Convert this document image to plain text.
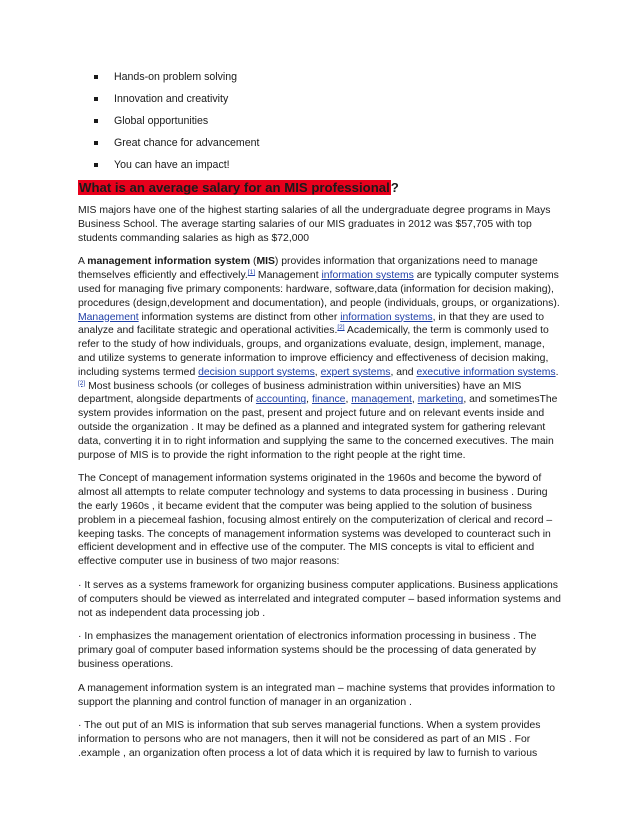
Hands-on problem solving
Innovation and creativity
Global opportunities
Great chance for advancement
You can have an impact!
What is an average salary for an MIS professional?

MIS majors have one of the highest starting salaries of all the undergraduate degree programs in Mays Business School. The average starting salaries of our MIS graduates in 2012 was $57,705 with top students commanding salaries as high as $72,000

A management information system (MIS) provides information that organizations need to manage themselves efficiently and effectively.[1] Management information systems are typically computer systems used for managing five primary components: hardware, software,data (information for decision making), procedures (design,development and documentation), and people (individuals, groups, or organizations). Management information systems are distinct from other information systems, in that they are used to analyze and facilitate strategic and operational activities.[2] Academically, the term is commonly used to refer to the study of how individuals, groups, and organizations evaluate, design, implement, manage, and utilize systems to generate information to improve efficiency and effectiveness of decision making, including systems termed decision support systems, expert systems, and executive information systems.[2] Most business schools (or colleges of business administration within universities) have an MIS department, alongside departments of accounting, finance, management, marketing, and sometimesThe system provides information on the past, present and project future and on relevant events inside and outside the organization . It may be defined as a planned and integrated system for gathering relevant data, converting it in to right information and supplying the same to the concerned executives. The main purpose of MIS is to provide the right information to the right people at the right time.

The Concept of management information systems originated in the 1960s and become the byword of almost all attempts to relate computer technology and systems to data processing in business . During the early 1960s , it became evident that the computer was being applied to the solution of business problem in a piecemeal fashion, focusing almost entirely on the computerization of clerical and record – keeping tasks. The concepts of management information systems was developed to counteract such in efficient development and in effective use of the computer. The MIS concepts is vital to efficient and effective computer use in business of two major reasons:

· It serves as a systems framework for organizing business computer applications. Business applications of computers should be viewed as interrelated and integrated computer – based information systems and not as independent data processing job .

· In emphasizes the management orientation of electronics information processing in business . The primary goal of computer based information systems should be the processing of data generated by business operations.

A management information system is an integrated man – machine systems that provides information to support the planning and control function of manager in an organization .

· The out put of an MIS is information that sub serves managerial functions. When a system provides information to persons who are not managers, then it will not be considered as part of an MIS . For .example , an organization often process a lot of data which it is required by law to furnish to various
